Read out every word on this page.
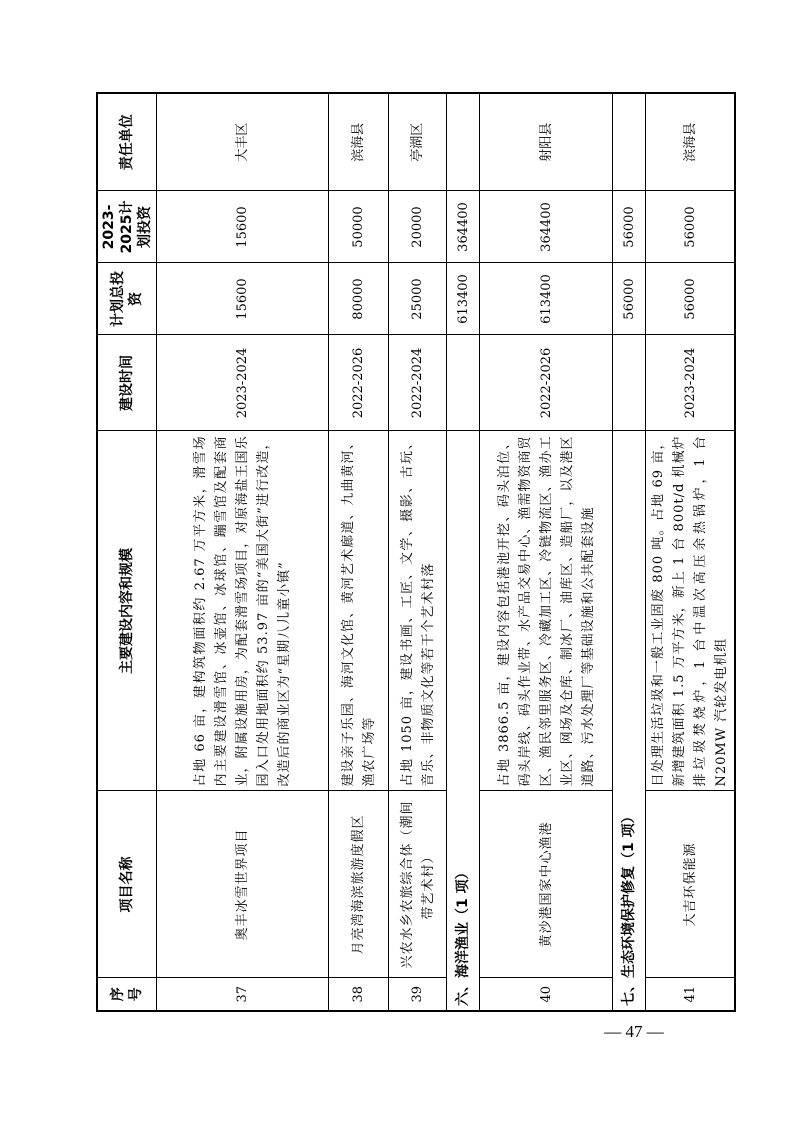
序号	项目名称	主要建设内容和规模	建设时间	计划总投资	2023-2025计划投资	责任单位
37	奥丰冰雪世界项目	占地 66 亩，建构筑物面积约 2.67 万平方米，滑雪场内主要建设滑雪馆、冰壶馆、冰球馆、蹦雪馆及配套商业，附属设施用房，为配套滑雪场项目，对原海盐王国乐园入口处用地面积约 53.97 亩的“美国大街”进行改造，改造后的商业区为“星期八儿童小镇”	2023-2024	15600	15600	大丰区
38	月亮湾海滨旅游度假区	建设亲子乐园、海河文化馆、黄河艺术廊道、九曲黄河、渔农广场等	2022-2026	80000	50000	滨海县
39	兴农水乡农旅综合体（潮间带艺术村）	占地 1050 亩，建设书画、工匠、文学、摄影、古玩、音乐、非物质文化等若干个艺术村落	2022-2024	25000	20000	亭湖区
六、海洋渔业（1 项）				613400	364400	
40	黄沙港国家中心渔港	占地 3866.5 亩，建设内容包括港池开挖、码头泊位、码头岸线、码头作业带、水产品交易中心、渔需物资商贸区、渔民邻里服务区、冷藏加工区、冷链物流区、渔办工业区、网场及仓库、制冰厂、油库区、造船厂，以及港区道路、污水处理厂等基础设施和公共配套设施	2022-2026	613400	364400	射阳县
七、生态环境保护修复（1 项）				56000	56000	
41	大吉环保能源	日处理生活垃圾和一般工业固废 800 吨。占地 69 亩，新增建筑面积 1.5 万平方米，新上 1 台 800t/d 机械炉排垃圾焚烧炉，1 台中温次高压余热锅炉，1 台 N20MW 汽轮发电机组	2023-2024	56000	56000	滨海县
— 47 —
